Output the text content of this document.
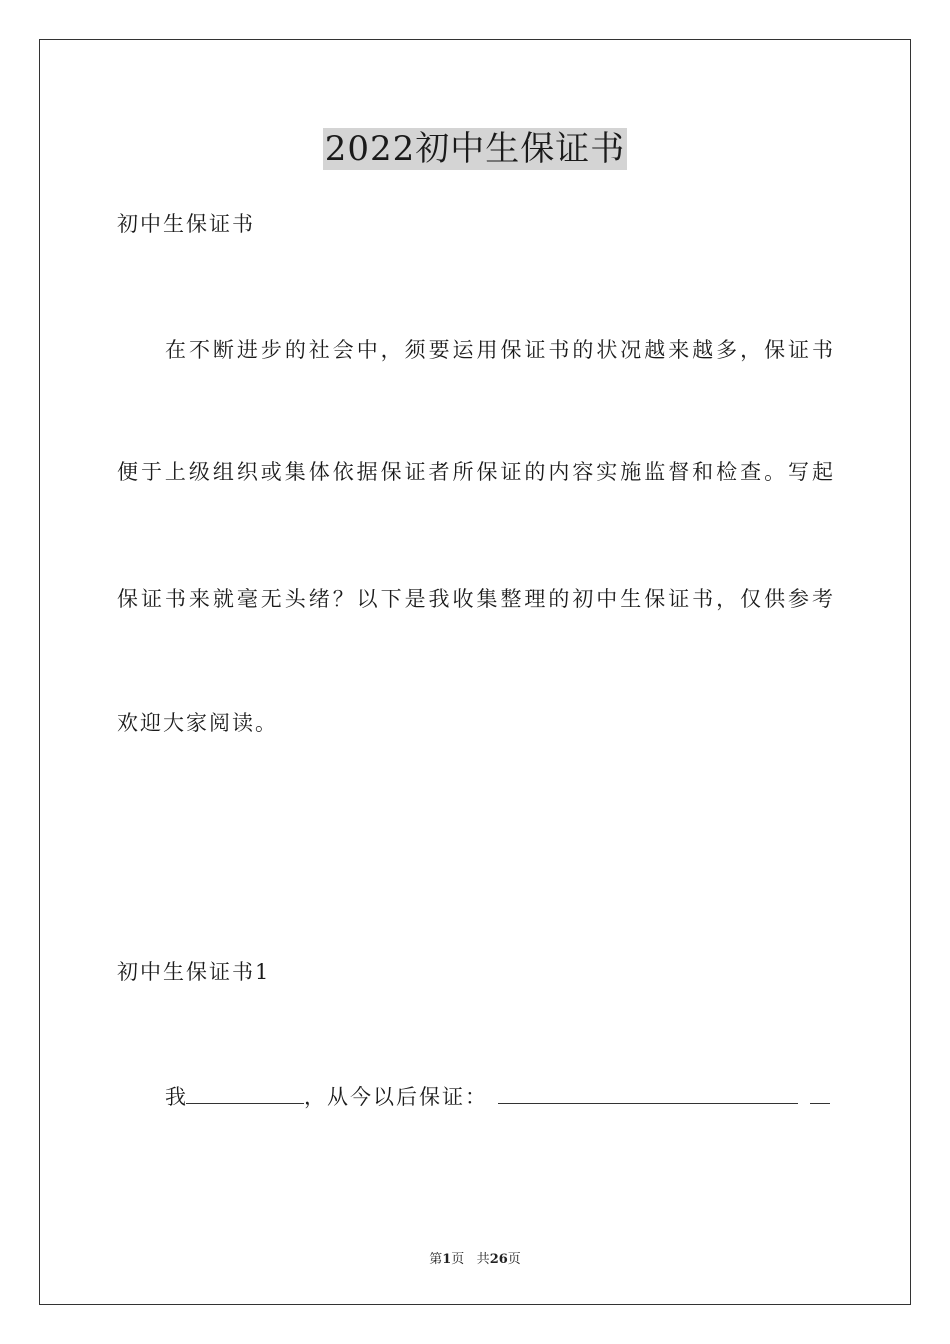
2022初中生保证书
初中生保证书
在不断进步的社会中，须要运用保证书的状况越来越多，保证书
便于上级组织或集体依据保证者所保证的内容实施监督和检查。写起
保证书来就毫无头绪？以下是我收集整理的初中生保证书，仅供参考
欢迎大家阅读。
初中生保证书1
我	，从今以后保证：
第1页 共26页
